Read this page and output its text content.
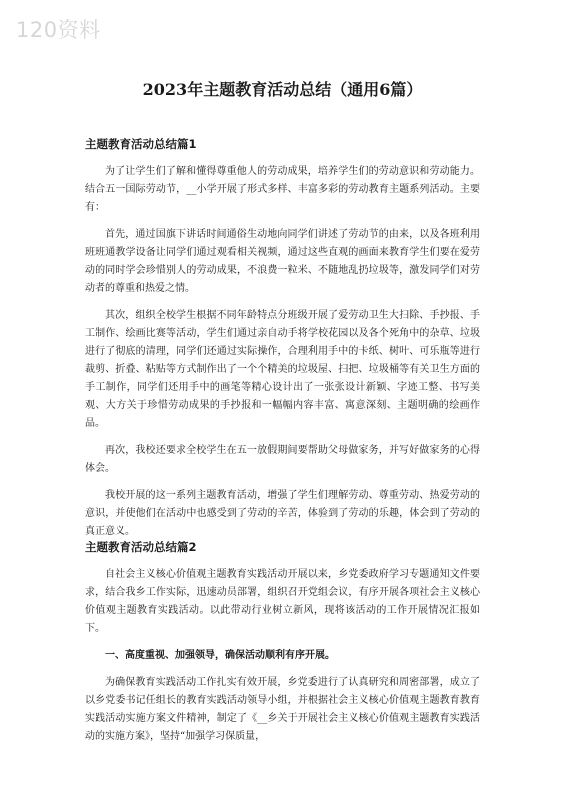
120资料
2023年主题教育活动总结（通用6篇）
主题教育活动总结篇1

为了让学生们了解和懂得尊重他人的劳动成果，培养学生们的劳动意识和劳动能力。结合五一国际劳动节，__小学开展了形式多样、丰富多彩的劳动教育主题系列活动。主要有：

首先，通过国旗下讲话时间通俗生动地向同学们讲述了劳动节的由来，以及各班利用班班通教学设备让同学们通过观看相关视频，通过这些直观的画面来教育学生们要在爱劳动的同时学会珍惜别人的劳动成果，不浪费一粒米、不随地乱扔垃圾等，激发同学们对劳动者的尊重和热爱之情。

其次，组织全校学生根据不同年龄特点分班级开展了爱劳动卫生大扫除、手抄报、手工制作、绘画比赛等活动，学生们通过亲自动手将学校花园以及各个死角中的杂草、垃圾进行了彻底的清理，同学们还通过实际操作，合理利用手中的卡纸、树叶、可乐瓶等进行裁剪、折叠、粘贴等方式制作出了一个个精美的垃圾屋、扫把、垃圾桶等有关卫生方面的手工制作，同学们还用手中的画笔等精心设计出了一张张设计新颖、字迹工整、书写美观、大方关于珍惜劳动成果的手抄报和一幅幅内容丰富、寓意深刻、主题明确的绘画作品。

再次，我校还要求全校学生在五一放假期间要帮助父母做家务，并写好做家务的心得体会。

我校开展的这一系列主题教育活动，增强了学生们理解劳动、尊重劳动、热爱劳动的意识，并使他们在活动中也感受到了劳动的辛苦，体验到了劳动的乐趣，体会到了劳动的真正意义。

主题教育活动总结篇2

自社会主义核心价值观主题教育实践活动开展以来，乡党委政府学习专题通知文件要求，结合我乡工作实际，迅速动员部署，组织召开党组会议，有序开展各项社会主义核心价值观主题教育实践活动。以此带动行业树立新风，现将该活动的工作开展情况汇报如下。

一、高度重视、加强领导，确保活动顺利有序开展。

为确保教育实践活动工作扎实有效开展，乡党委进行了认真研究和周密部署，成立了以乡党委书记任组长的教育实践活动领导小组，并根据社会主义核心价值观主题教育教育实践活动实施方案文件精神，制定了《__乡关于开展社会主义核心价值观主题教育实践活动的实施方案》，坚持“加强学习保质量，
